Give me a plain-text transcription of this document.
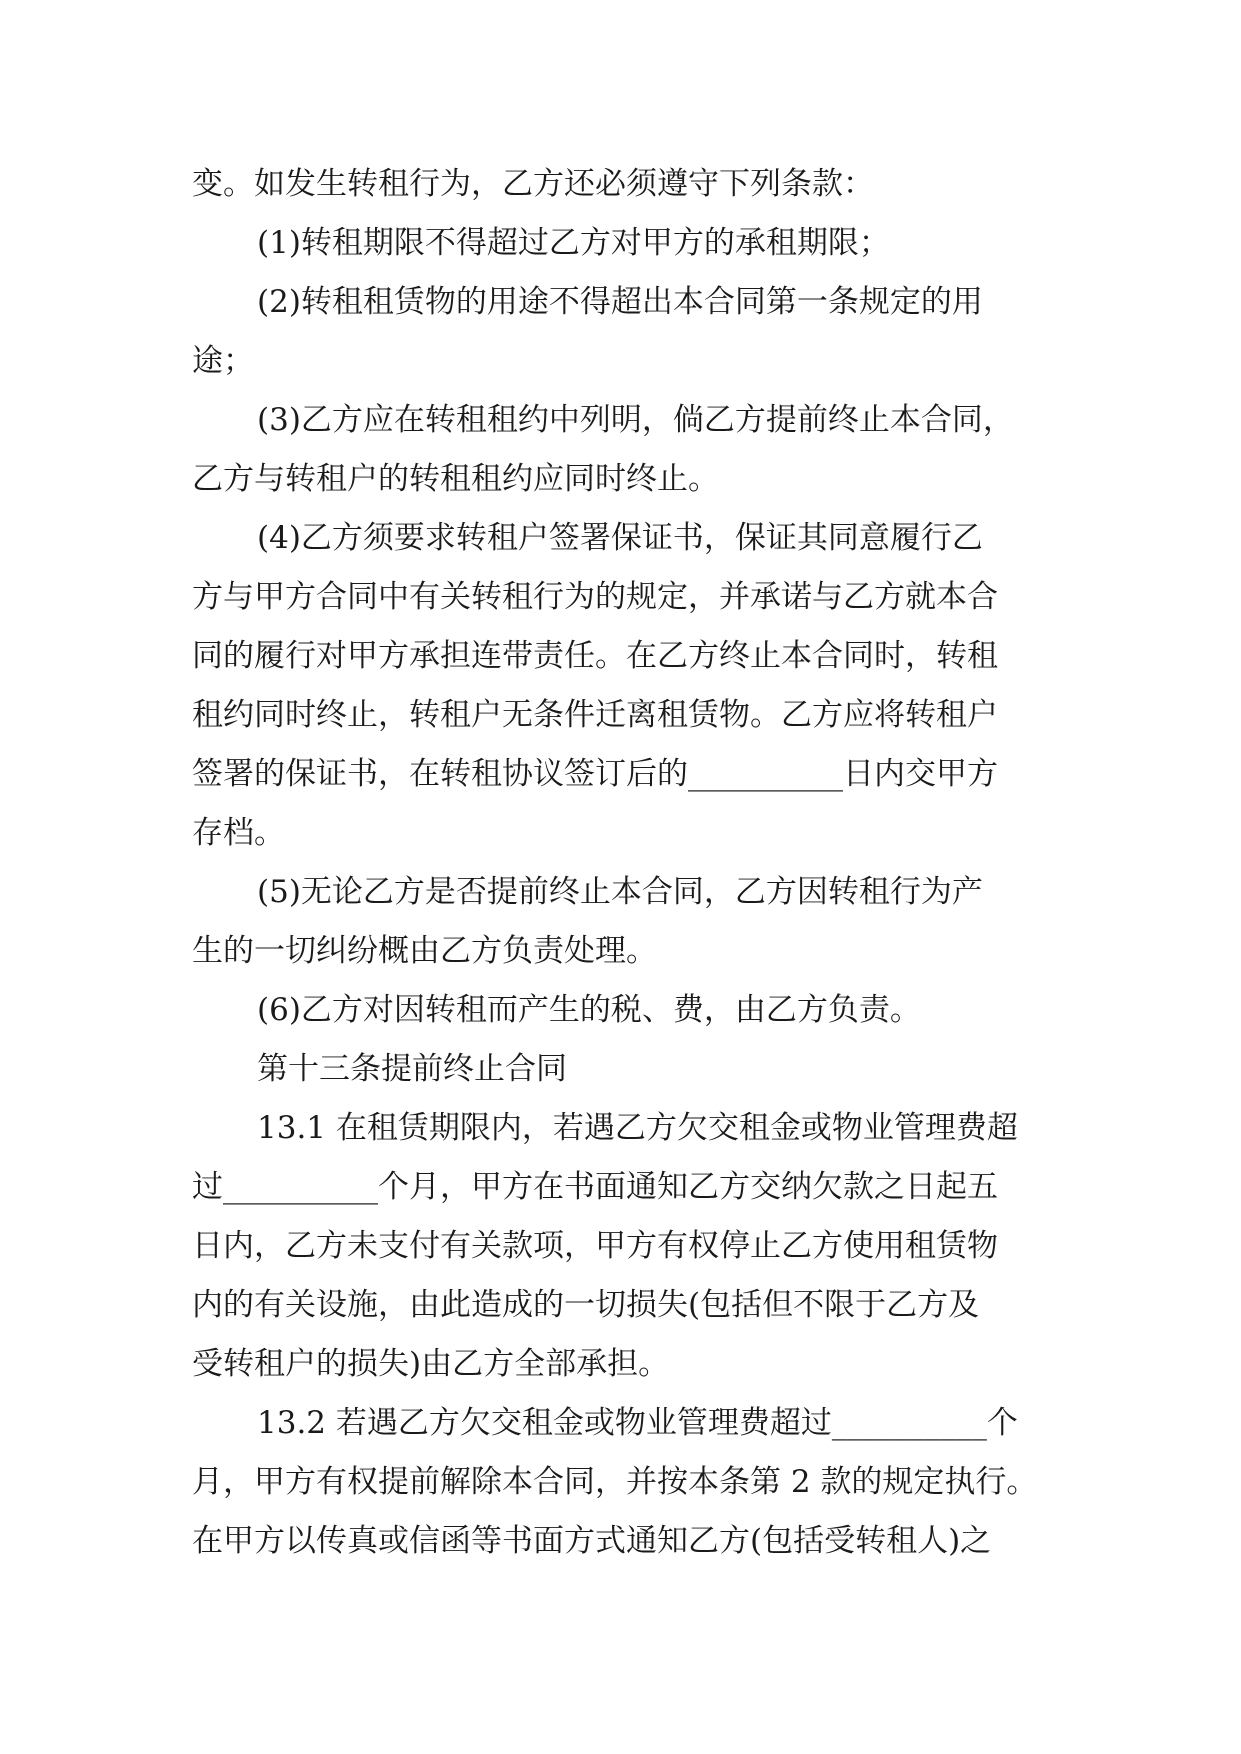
变。如发生转租行为，乙方还必须遵守下列条款：

(1)转租期限不得超过乙方对甲方的承租期限；

(2)转租租赁物的用途不得超出本合同第一条规定的用

途；

(3)乙方应在转租租约中列明，倘乙方提前终止本合同，

乙方与转租户的转租租约应同时终止。

(4)乙方须要求转租户签署保证书，保证其同意履行乙

方与甲方合同中有关转租行为的规定，并承诺与乙方就本合

同的履行对甲方承担连带责任。在乙方终止本合同时，转租

租约同时终止，转租户无条件迁离租赁物。乙方应将转租户

签署的保证书，在转租协议签订后的__________日内交甲方

存档。

(5)无论乙方是否提前终止本合同，乙方因转租行为产

生的一切纠纷概由乙方负责处理。

(6)乙方对因转租而产生的税、费，由乙方负责。

第十三条提前终止合同

13.1 在租赁期限内，若遇乙方欠交租金或物业管理费超

过__________个月，甲方在书面通知乙方交纳欠款之日起五

日内，乙方未支付有关款项，甲方有权停止乙方使用租赁物

内的有关设施，由此造成的一切损失(包括但不限于乙方及

受转租户的损失)由乙方全部承担。

13.2 若遇乙方欠交租金或物业管理费超过__________个

月，甲方有权提前解除本合同，并按本条第 2 款的规定执行。

在甲方以传真或信函等书面方式通知乙方(包括受转租人)之
